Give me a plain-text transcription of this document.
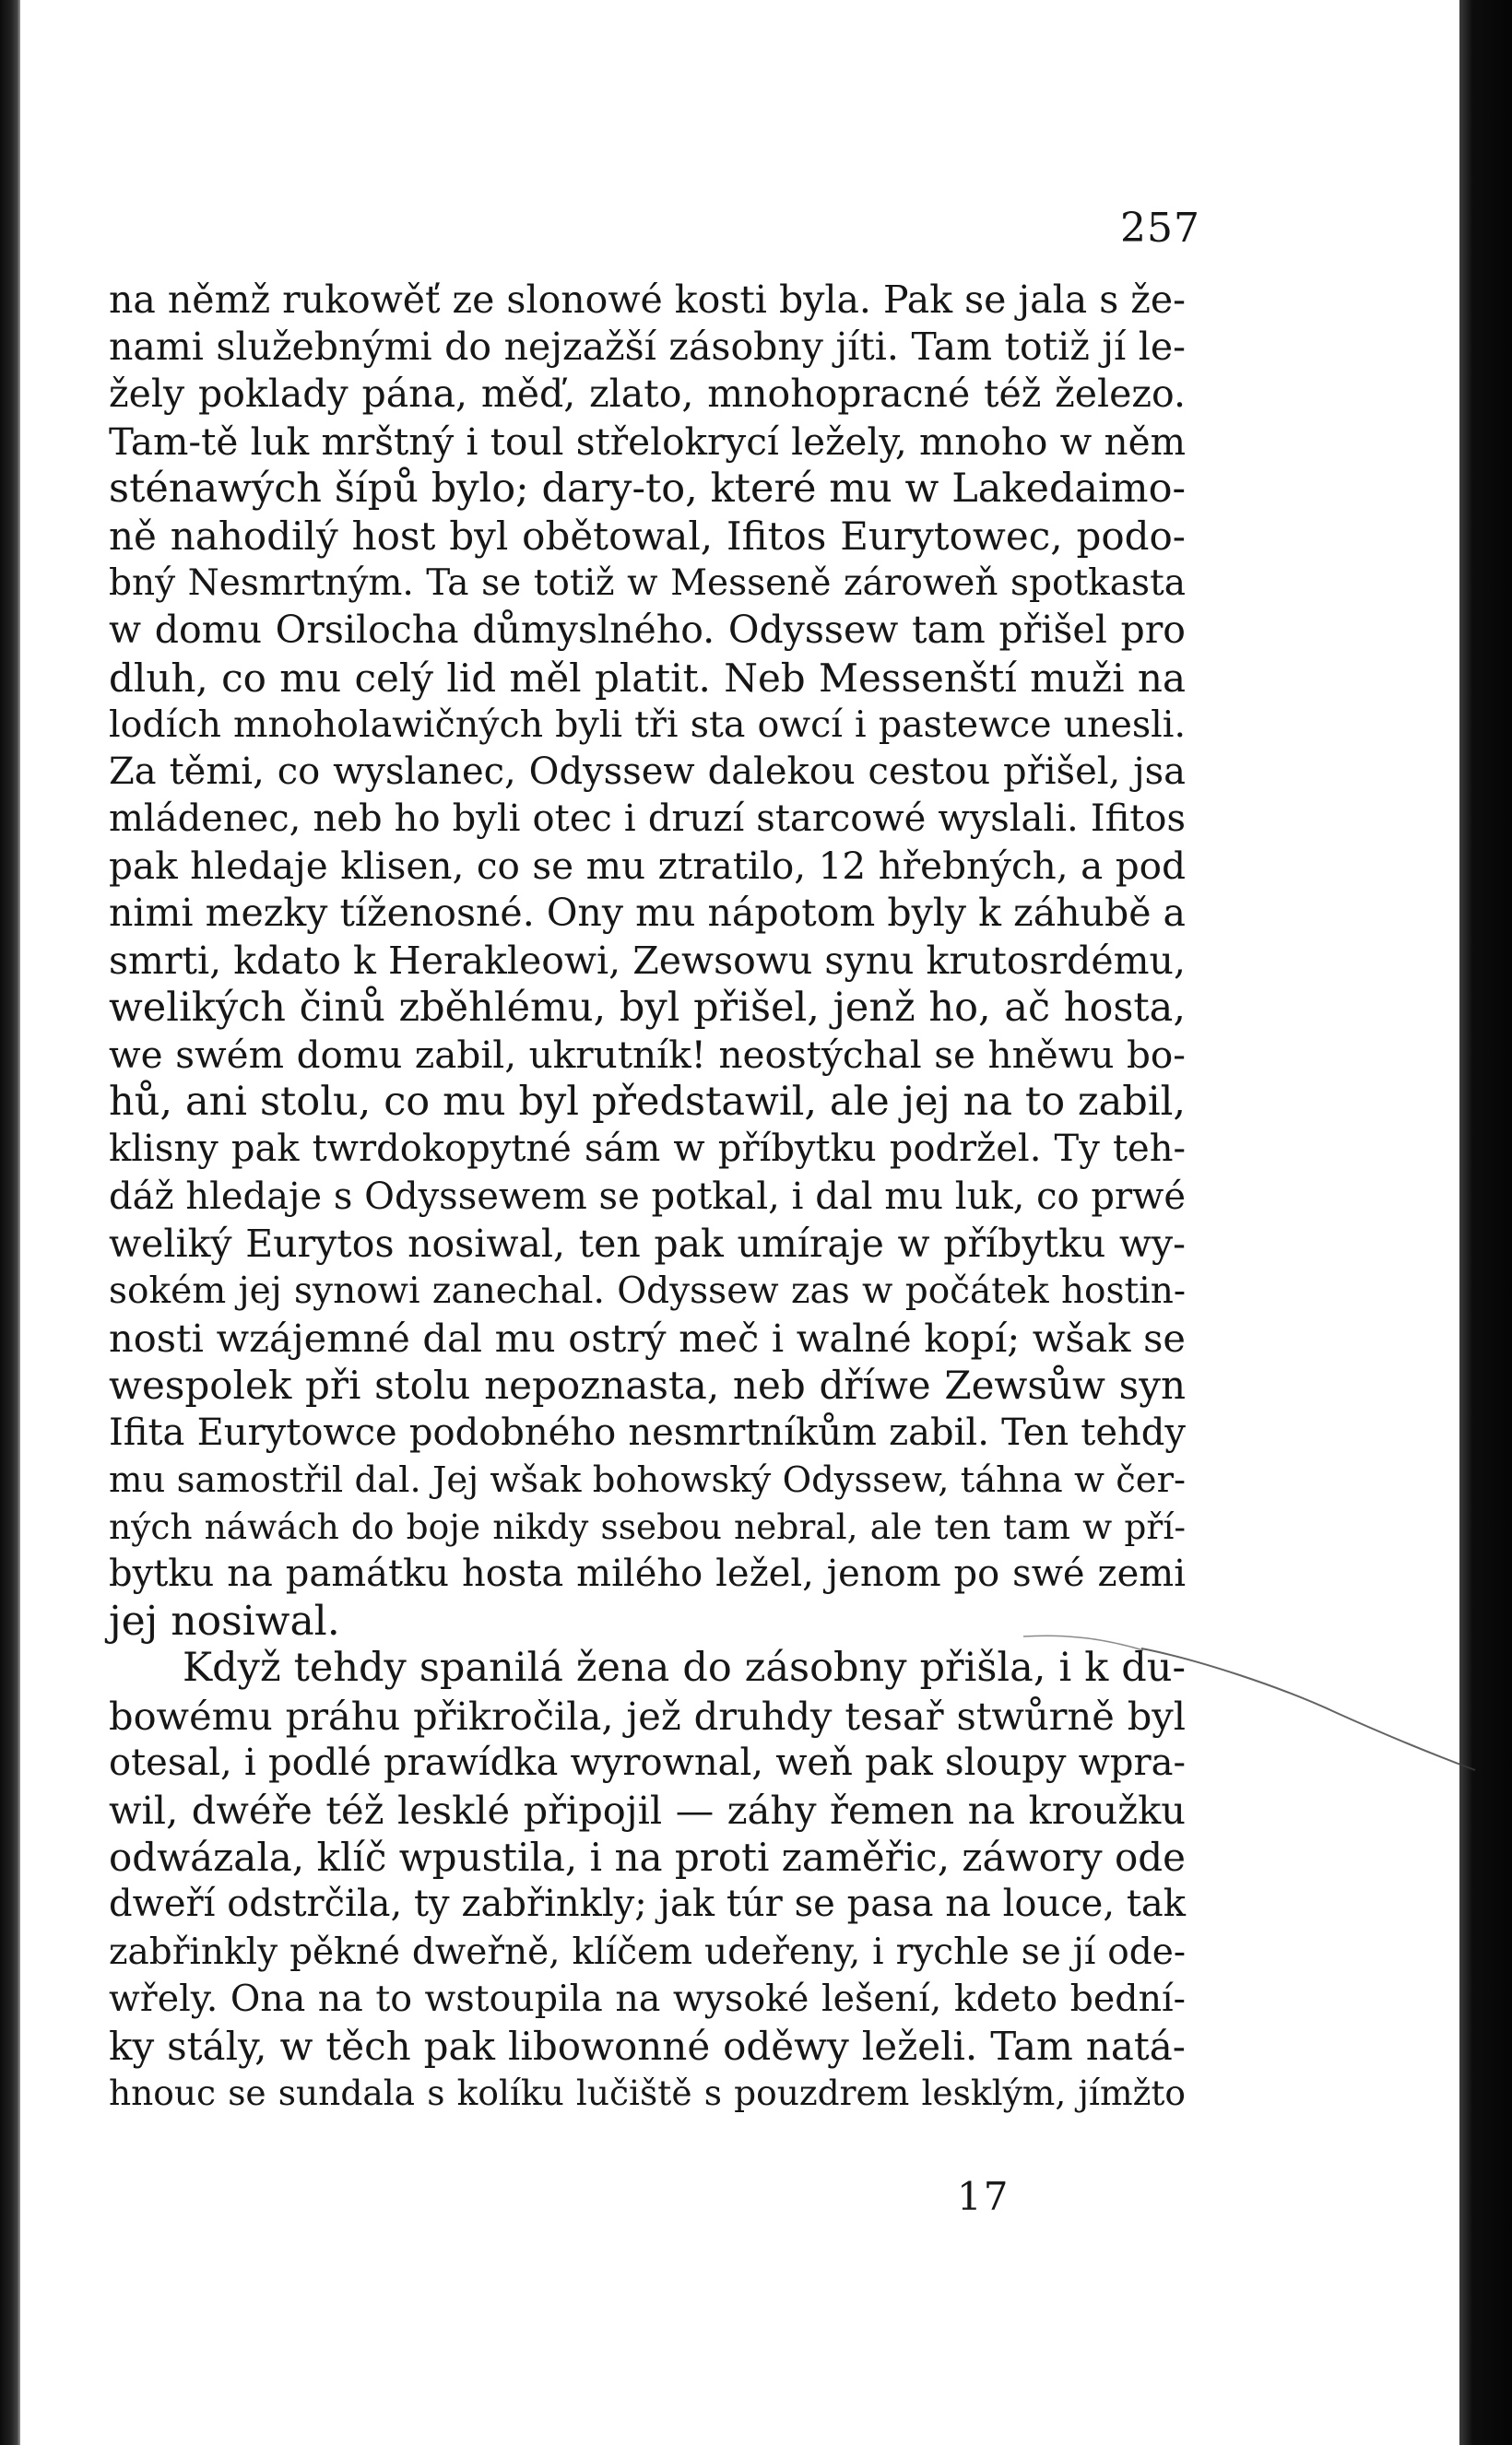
257
na němž rukowěť ze slonowé kosti byla. Pak se jala s že-
nami služebnými do nejzažší zásobny jíti. Tam totiž jí le-
žely poklady pána, měď, zlato, mnohopracné též železo.
Tam-tě luk mrštný i toul střelokrycí ležely, mnoho w něm
sténawých šípů bylo; dary-to, které mu w Lakedaimo-
ně nahodilý host byl obětowal, Ifitos Eurytowec, podo-
bný Nesmrtným. Ta se totiž w Messeně zároweň spotkasta
w domu Orsilocha důmyslného. Odyssew tam přišel pro
dluh, co mu celý lid měl platit. Neb Messenští muži na
lodích mnoholawičných byli tři sta owcí i pastewce unesli.
Za těmi, co wyslanec, Odyssew dalekou cestou přišel, jsa
mládenec, neb ho byli otec i druzí starcowé wyslali. Ifitos
pak hledaje klisen, co se mu ztratilo, 12 hřebných, a pod
nimi mezky tíženosné. Ony mu nápotom byly k záhubě a
smrti, kdato k Herakleowi, Zewsowu synu krutosrdému,
welikých činů zběhlému, byl přišel, jenž ho, ač hosta,
we swém domu zabil, ukrutník! neostýchal se hněwu bo-
hů, ani stolu, co mu byl předstawil, ale jej na to zabil,
klisny pak twrdokopytné sám w příbytku podržel. Ty teh-
dáž hledaje s Odyssewem se potkal, i dal mu luk, co prwé
weliký Eurytos nosiwal, ten pak umíraje w příbytku wy-
sokém jej synowi zanechal. Odyssew zas w počátek hostin-
nosti wzájemné dal mu ostrý meč i walné kopí; wšak se
wespolek při stolu nepoznasta, neb dříwe Zewsůw syn
Ifita Eurytowce podobného nesmrtníkům zabil. Ten tehdy
mu samostřil dal. Jej wšak bohowský Odyssew, táhna w čer-
ných náwách do boje nikdy ssebou nebral, ale ten tam w pří-
bytku na památku hosta milého ležel, jenom po swé zemi
jej nosiwal.
Když tehdy spanilá žena do zásobny přišla, i k du-
bowému práhu přikročila, jež druhdy tesař stwůrně byl
otesal, i podlé prawídka wyrownal, weň pak sloupy wpra-
wil, dwéře též lesklé připojil — záhy řemen na kroužku
odwázala, klíč wpustila, i na proti zaměřic, záwory ode
dweří odstrčila, ty zabřinkly; jak túr se pasa na louce, tak
zabřinkly pěkné dweřně, klíčem udeřeny, i rychle se jí ode-
wřely. Ona na to wstoupila na wysoké lešení, kdeto bední-
ky stály, w těch pak libowonné oděwy leželi. Tam natá-
hnouc se sundala s kolíku lučiště s pouzdrem lesklým, jímžto
17
